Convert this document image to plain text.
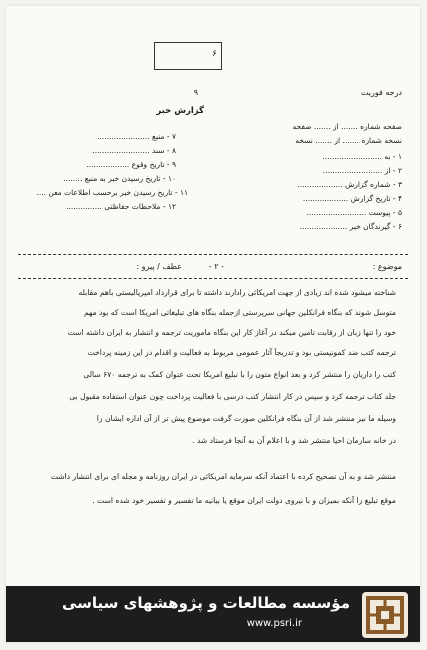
۶
درجه فوریت
٩
گزارش خبر
صفحه شماره ....... از ....... صفحه
نسخه شماره ....... از ....... نسخه
۱ - به .........................
۲ - از .........................
۳ - شماره گزارش ...................
۴ - تاریخ گزارش ...................
۵ - پیوست .........................
۶ - گیرندگان خبر ....................
۷ - منبع ......................
۸ - سند ........................
۹ - تاریخ وقوع ..................
۱۰ - تاریخ رسیدن خبر به منبع ........
۱۱ - تاریخ رسیدن خبر برحسب اطلاعات معن ....
۱۲ - ملاحظات حفاظتی ...............
موضوع :
- ۲ -
عطف / پیرو :
شناخته میشود شده اند زیادی از جهت امریکائی رادارند داشته تا برای قرارداد امپریالیستی باهم مقابله
متوسل شوند که بنگاه فرانکلین جهانی سرپرستی ازجمله بنگاه های تبلیغاتی امریکا است که بود مهم
خود را تنها زبان از رقابت تامین میکند در آغاز کار این بنگاه ماموریت ترجمه و انتشار به ایران داشته است
ترجمه کتب ضد کمونیستی بود و تدریجاً آثار عمومی مربوط به فعالیت و اقدام در این زمینه پرداخت
کتب را داریان را منتشر کرد و بعد انواع متون را با تبلیغ امریکا تحت عنوان کمک به ترجمه ۶۷۰ سالی
جلد کتاب ترجمه کرد و سپس در کار انتشار کتب درسی با فعالیت پرداخت چون عنوان استفاده مقبول بی
وسیله ما نیز منتشر شد از آن بنگاه فرانکلین صورت گرفت موضوع پیش تر از آن اداره ایشان را
در خانه سارمان احیا منتشر شد و با اعلام آن به آنجا فرستاد شد .
منتشر شد و به آن تصحیح کرده با اعتماد آنکه سرمایه امریکائی در ایران روزنامه و مجله ای برای انتشار داشت
موقع تبلیغ را آنکه بمیزان و با نیروی دولت ایران موقع یا بیانیه ما تفسیر و تفسیر خود شده است .
مؤسسه مطالعات و پژوهشهای سیاسی
www.psri.ir
